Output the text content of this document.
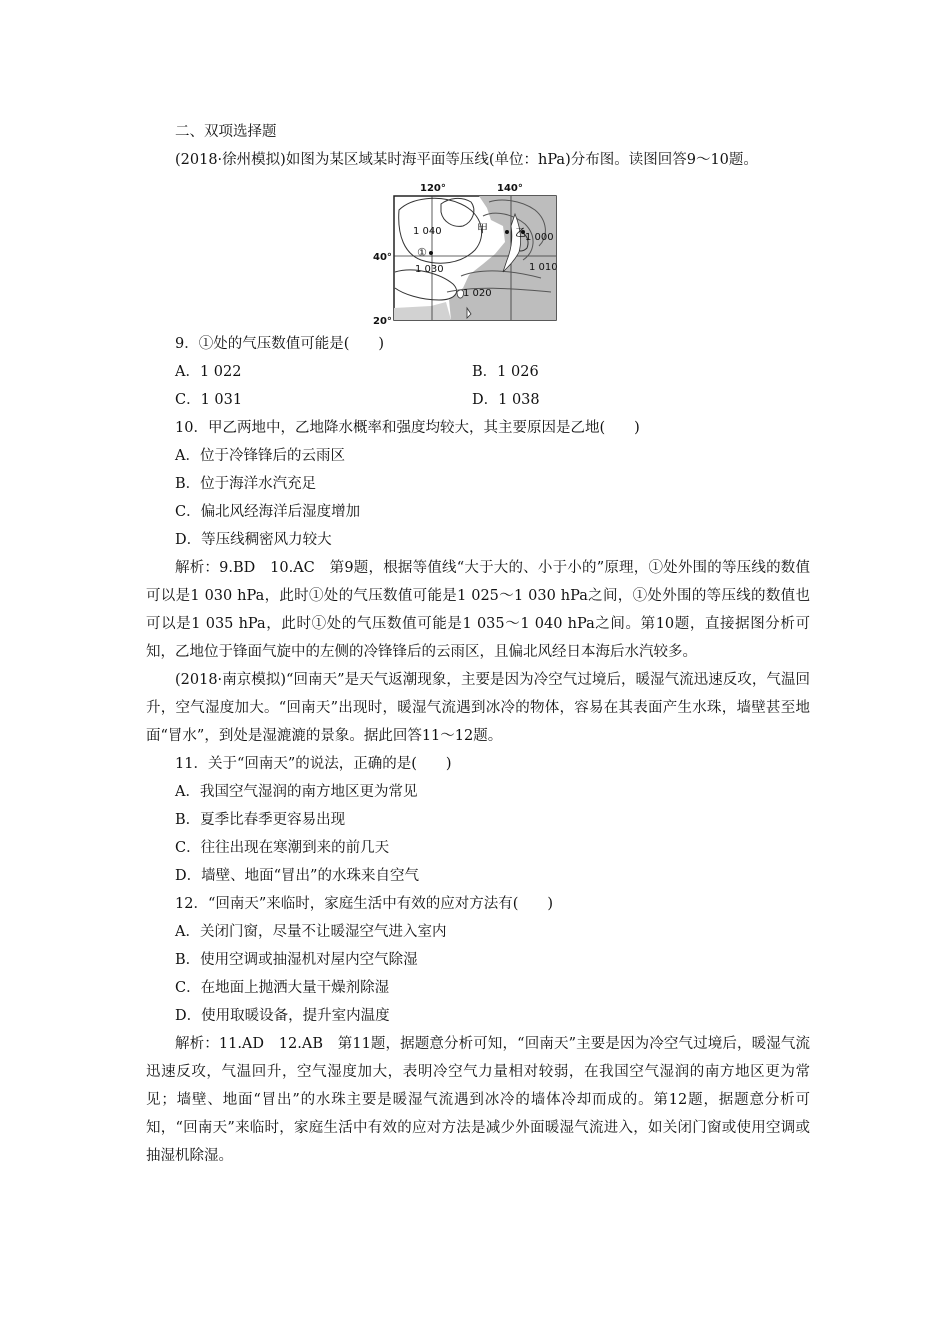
二、双项选择题

(2018·徐州模拟)如图为某区域某时海平面等压线(单位：hPa)分布图。读图回答9～10题。

120°	140°
40°
20°
1 040
1 030
1 020
1 000
1 010
甲 乙
①

9．①处的气压数值可能是(　　)

A．1 022	B．1 026
C．1 031	D．1 038

10．甲乙两地中，乙地降水概率和强度均较大，其主要原因是乙地(　　)

A．位于冷锋锋后的云雨区

B．位于海洋水汽充足

C．偏北风经海洋后湿度增加

D．等压线稠密风力较大

解析：9.BD　10.AC　第9题，根据等值线“大于大的、小于小的”原理，①处外围的等压线的数值可以是1 030 hPa，此时①处的气压数值可能是1 025～1 030 hPa之间，①处外围的等压线的数值也可以是1 035 hPa，此时①处的气压数值可能是1 035～1 040 hPa之间。第10题，直接据图分析可知，乙地位于锋面气旋中的左侧的冷锋锋后的云雨区，且偏北风经日本海后水汽较多。

(2018·南京模拟)“回南天”是天气返潮现象，主要是因为冷空气过境后，暖湿气流迅速反攻，气温回升，空气湿度加大。“回南天”出现时，暖湿气流遇到冰冷的物体，容易在其表面产生水珠，墙壁甚至地面“冒水”，到处是湿漉漉的景象。据此回答11～12题。

11．关于“回南天”的说法，正确的是(　　)

A．我国空气湿润的南方地区更为常见

B．夏季比春季更容易出现

C．往往出现在寒潮到来的前几天

D．墙壁、地面“冒出”的水珠来自空气

12．“回南天”来临时，家庭生活中有效的应对方法有(　　)

A．关闭门窗，尽量不让暖湿空气进入室内

B．使用空调或抽湿机对屋内空气除湿

C．在地面上抛洒大量干燥剂除湿

D．使用取暖设备，提升室内温度

解析：11.AD　12.AB　第11题，据题意分析可知，“回南天”主要是因为冷空气过境后，暖湿气流迅速反攻，气温回升，空气湿度加大，表明冷空气力量相对较弱，在我国空气湿润的南方地区更为常见；墙壁、地面“冒出”的水珠主要是暖湿气流遇到冰冷的墙体冷却而成的。第12题，据题意分析可知，“回南天”来临时，家庭生活中有效的应对方法是减少外面暖湿气流进入，如关闭门窗或使用空调或抽湿机除湿。
